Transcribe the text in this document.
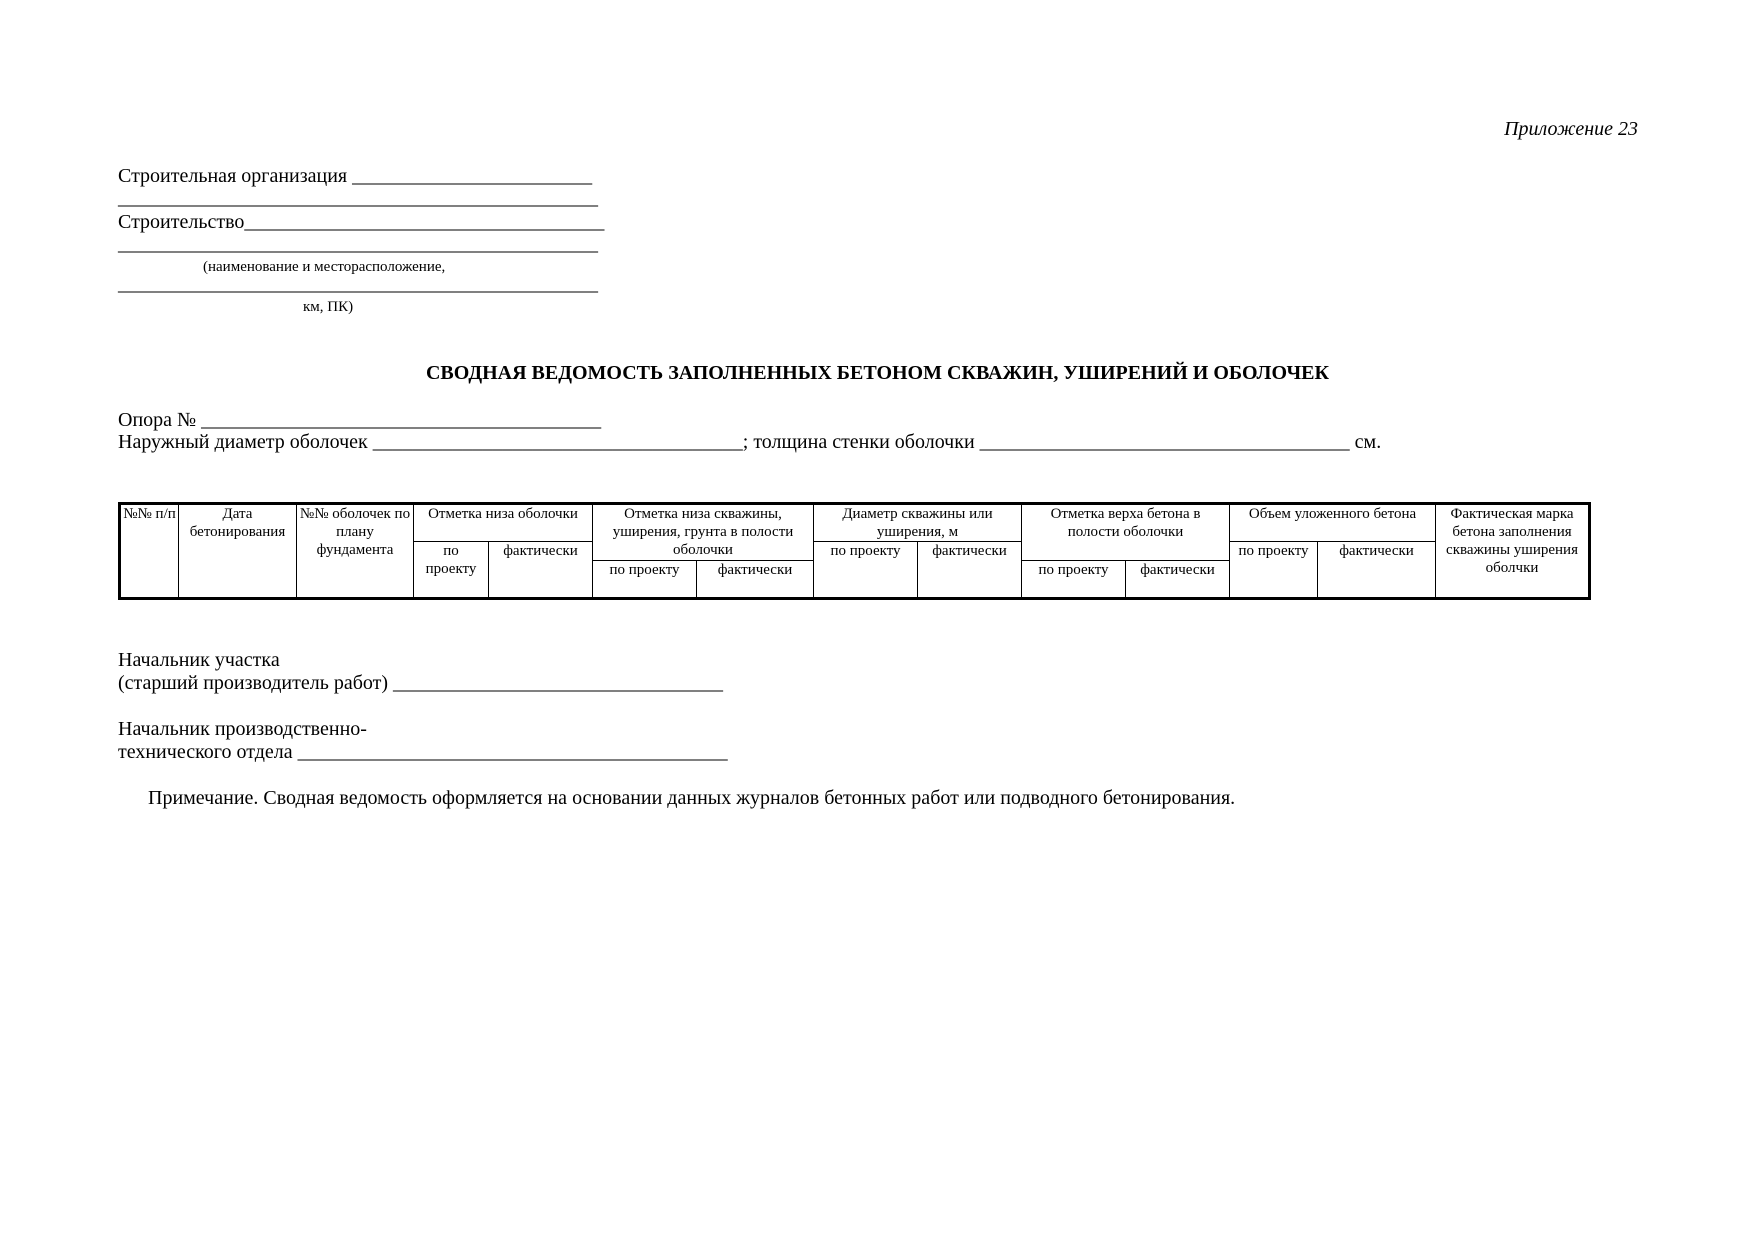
Приложение 23
Строительная организация ________________________
________________________________________________
Строительство____________________________________
________________________________________________
(наименование и месторасположение,
________________________________________________
км, ПК)
СВОДНАЯ ВЕДОМОСТЬ ЗАПОЛНЕННЫХ БЕТОНОМ СКВАЖИН, УШИРЕНИЙ И ОБОЛОЧЕК
Опора № ________________________________________
Наружный диаметр оболочек _____________________________________; толщина стенки оболочки _____________________________________ см.
№№ п/п	Дата бетонирования	№№ оболочек по плану фундамента	Отметка низа оболочки		Отметка низа скважины, уширения, грунта в полости оболочки		Диаметр скважины или уширения, м		Отметка верха бетона в полости оболочки		Объем уложенного бетона		Фактическая марка бетона заполнения скважины уширения оболчки
			по проекту	фактически			по проекту	фактически			по проекту	фактически	
					по проекту	фактически			по проекту	фактически			
Начальник участка
(старший производитель работ) _________________________________
Начальник производственно-
технического отдела ___________________________________________
Примечание. Сводная ведомость оформляется на основании данных журналов бетонных работ или подводного бетонирования.
